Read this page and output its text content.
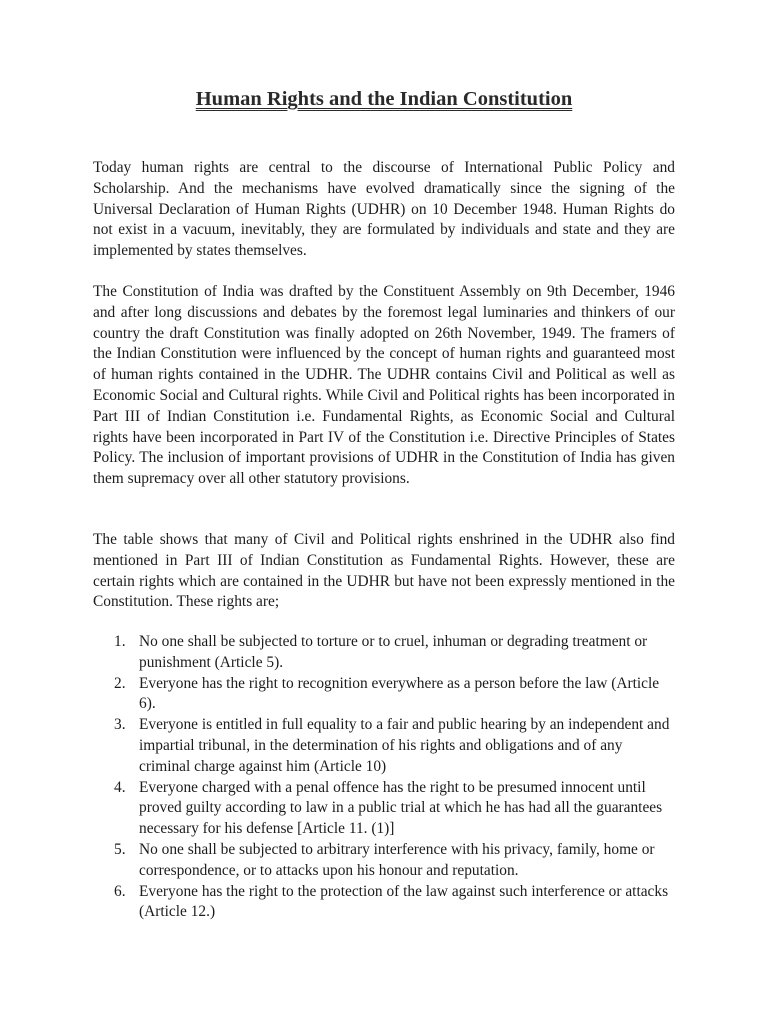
Human Rights and the Indian Constitution

Today human rights are central to the discourse of International Public Policy and Scholarship. And the mechanisms have evolved dramatically since the signing of the Universal Declaration of Human Rights (UDHR) on 10 December 1948. Human Rights do not exist in a vacuum, inevitably, they are formulated by individuals and state and they are implemented by states themselves.

The Constitution of India was drafted by the Constituent Assembly on 9th December, 1946 and after long discussions and debates by the foremost legal luminaries and thinkers of our country the draft Constitution was finally adopted on 26th November, 1949. The framers of the Indian Constitution were influenced by the concept of human rights and guaranteed most of human rights contained in the UDHR. The UDHR contains Civil and Political as well as Economic Social and Cultural rights. While Civil and Political rights has been incorporated in Part III of Indian Constitution i.e. Fundamental Rights, as Economic Social and Cultural rights have been incorporated in Part IV of the Constitution i.e. Directive Principles of States Policy. The inclusion of important provisions of UDHR in the Constitution of India has given them supremacy over all other statutory provisions.

The table shows that many of Civil and Political rights enshrined in the UDHR also find mentioned in Part III of Indian Constitution as Fundamental Rights. However, these are certain rights which are contained in the UDHR but have not been expressly mentioned in the Constitution. These rights are;

1. No one shall be subjected to torture or to cruel, inhuman or degrading treatment or punishment (Article 5).
2. Everyone has the right to recognition everywhere as a person before the law (Article 6).
3. Everyone is entitled in full equality to a fair and public hearing by an independent and impartial tribunal, in the determination of his rights and obligations and of any criminal charge against him (Article 10)
4. Everyone charged with a penal offence has the right to be presumed innocent until proved guilty according to law in a public trial at which he has had all the guarantees necessary for his defense [Article 11. (1)]
5. No one shall be subjected to arbitrary interference with his privacy, family, home or correspondence, or to attacks upon his honour and reputation.
6. Everyone has the right to the protection of the law against such interference or attacks (Article 12.)
